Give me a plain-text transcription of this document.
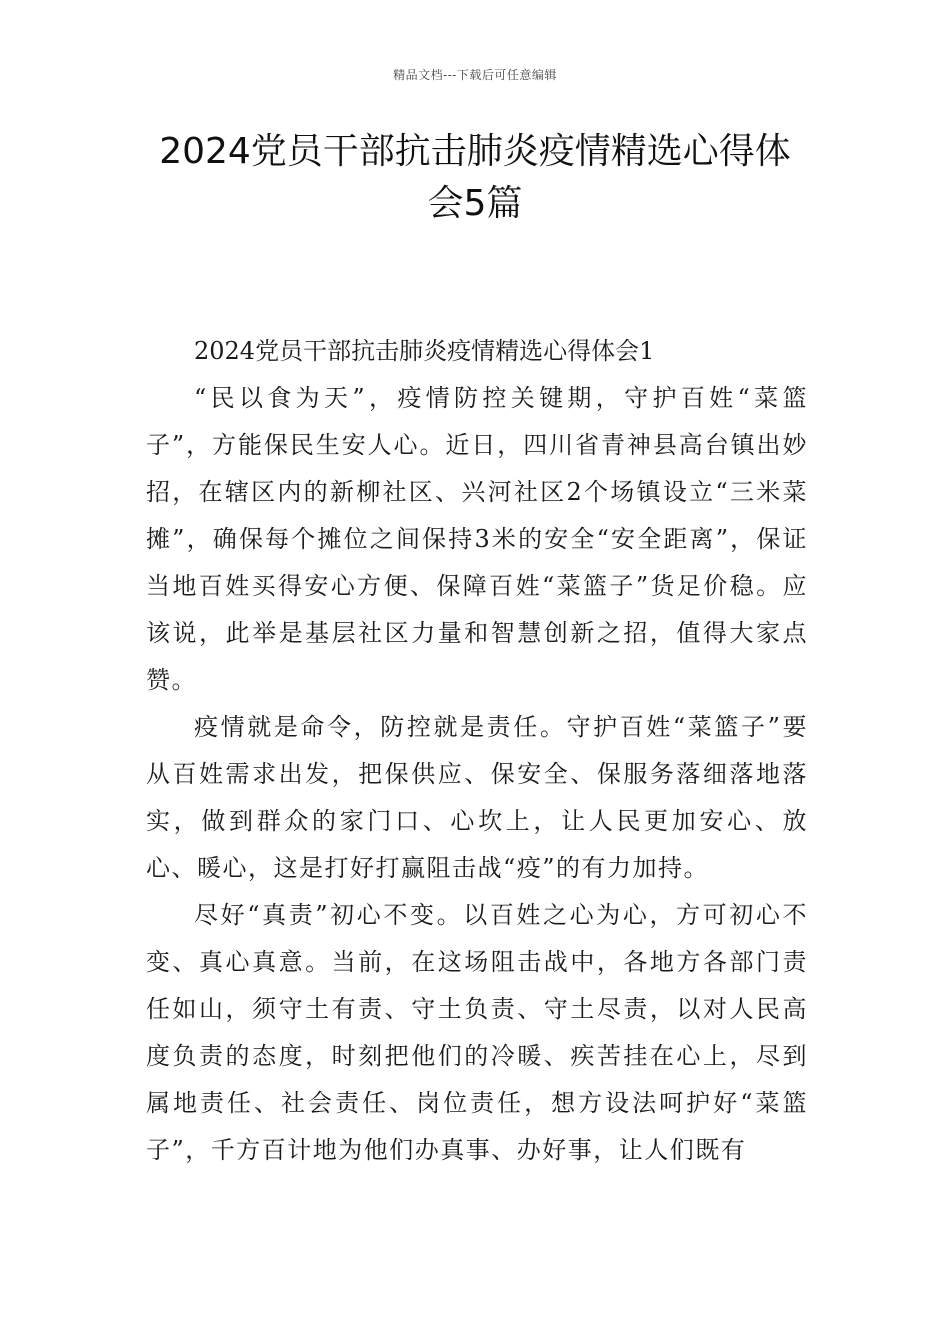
精品文档---下载后可任意编辑
2024党员干部抗击肺炎疫情精选心得体
会5篇

2024党员干部抗击肺炎疫情精选心得体会1

“民以食为天”，疫情防控关键期，守护百姓“菜篮子”，方能保民生安人心。近日，四川省青神县高台镇出妙招，在辖区内的新柳社区、兴河社区2个场镇设立“三米菜摊”，确保每个摊位之间保持3米的安全“安全距离”，保证当地百姓买得安心方便、保障百姓“菜篮子”货足价稳。应该说，此举是基层社区力量和智慧创新之招，值得大家点赞。

疫情就是命令，防控就是责任。守护百姓“菜篮子”要从百姓需求出发，把保供应、保安全、保服务落细落地落实，做到群众的家门口、心坎上，让人民更加安心、放心、暖心，这是打好打赢阻击战“疫”的有力加持。

尽好“真责”初心不变。以百姓之心为心，方可初心不变、真心真意。当前，在这场阻击战中，各地方各部门责任如山，须守土有责、守土负责、守土尽责，以对人民高度负责的态度，时刻把他们的冷暖、疾苦挂在心上，尽到属地责任、社会责任、岗位责任，想方设法呵护好“菜篮子”，千方百计地为他们办真事、办好事，让人们既有
